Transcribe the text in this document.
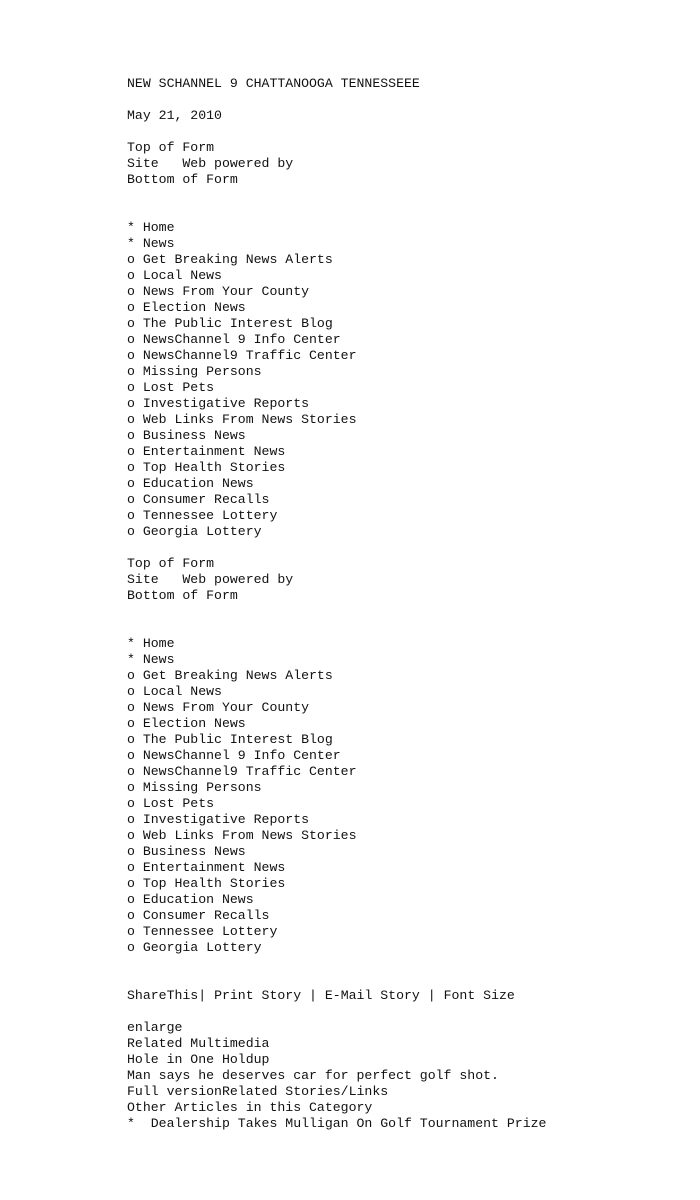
NEW SCHANNEL 9 CHATTANOOGA TENNESSEEE
May 21, 2010
Top of Form
Site   Web powered by
Bottom of Form
* Home
* News
o Get Breaking News Alerts
o Local News
o News From Your County
o Election News
o The Public Interest Blog
o NewsChannel 9 Info Center
o NewsChannel9 Traffic Center
o Missing Persons
o Lost Pets
o Investigative Reports
o Web Links From News Stories
o Business News
o Entertainment News
o Top Health Stories
o Education News
o Consumer Recalls
o Tennessee Lottery
o Georgia Lottery
Top of Form
Site   Web powered by
Bottom of Form
* Home
* News
o Get Breaking News Alerts
o Local News
o News From Your County
o Election News
o The Public Interest Blog
o NewsChannel 9 Info Center
o NewsChannel9 Traffic Center
o Missing Persons
o Lost Pets
o Investigative Reports
o Web Links From News Stories
o Business News
o Entertainment News
o Top Health Stories
o Education News
o Consumer Recalls
o Tennessee Lottery
o Georgia Lottery
ShareThis| Print Story | E-Mail Story | Font Size
enlarge
Related Multimedia
Hole in One Holdup
Man says he deserves car for perfect golf shot.
Full versionRelated Stories/Links
Other Articles in this Category
*  Dealership Takes Mulligan On Golf Tournament Prize
